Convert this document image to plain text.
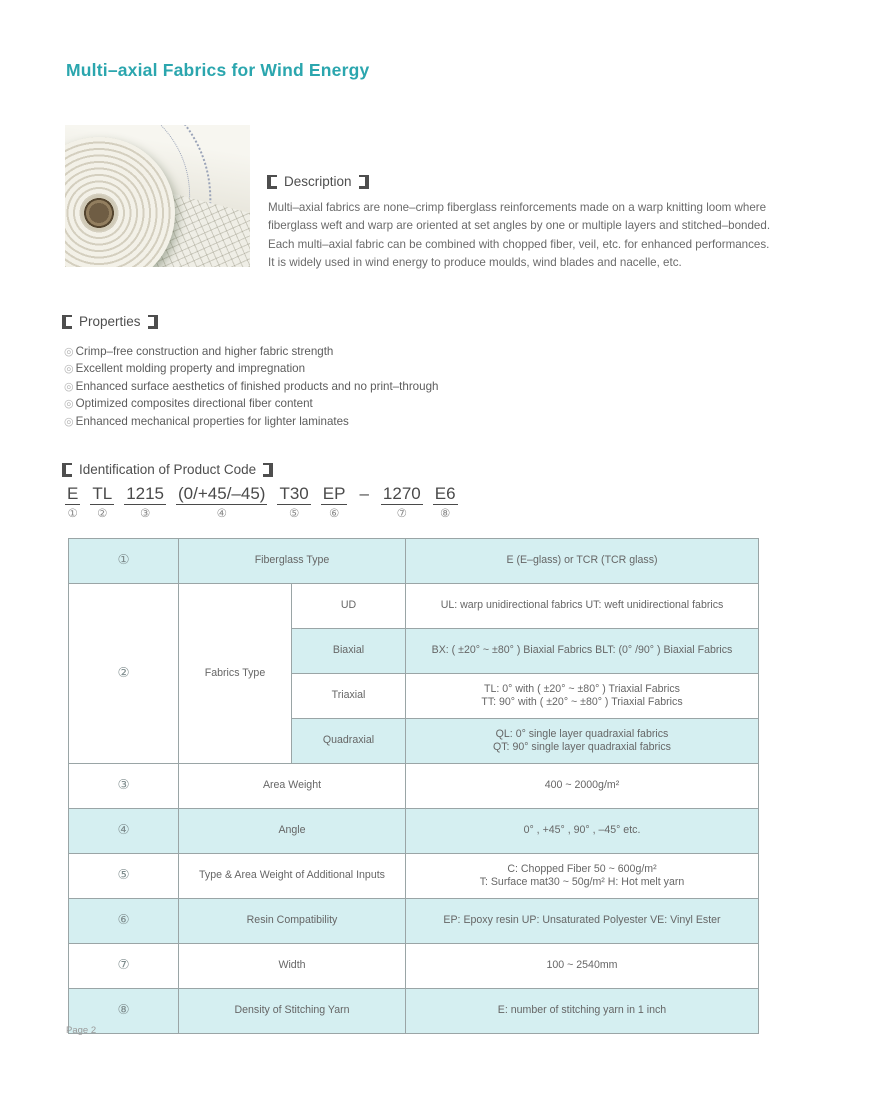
Multi–axial Fabrics for Wind Energy
Description

Multi–axial fabrics are none–crimp fiberglass reinforcements made on a warp knitting loom where fiberglass weft and warp are oriented at set angles by one or multiple layers and stitched–bonded. Each multi–axial fabric can be combined with chopped fiber, veil, etc. for enhanced performances.

It is widely used in wind energy to produce moulds, wind blades and nacelle, etc.

Properties
◎ Crimp–free construction and higher fabric strength
◎ Excellent molding property and impregnation
◎ Enhanced surface aesthetics of finished products and no print–through
◎ Optimized composites directional fiber content
◎ Enhanced mechanical properties for lighter laminates
Identification of Product Code
E
①
TL
②
1215
③
(0/+45/–45)
④
T30
⑤
EP
⑥
– 1270
⑦
E6
⑧
①	Fiberglass Type		E (E–glass) or TCR (TCR glass)
②	Fabrics Type	UD	UL: warp unidirectional fabrics UT: weft unidirectional fabrics
		Biaxial	BX: ( ±20° ~ ±80° ) Biaxial Fabrics BLT: (0° /90° ) Biaxial Fabrics
		Triaxial	TL: 0° with ( ±20° ~ ±80° ) Triaxial Fabrics
TT: 90° with ( ±20° ~ ±80° ) Triaxial Fabrics

		Quadraxial	QL: 0° single layer quadraxial fabrics
QT: 90° single layer quadraxial fabrics

③	Area Weight		400 ~ 2000g/m²
④	Angle		0° , +45° , 90° , –45° etc.
⑤	Type & Area Weight of Additional Inputs		C: Chopped Fiber 50 ~ 600g/m²
T: Surface mat30 ~ 50g/m² H: Hot melt yarn

⑥	Resin Compatibility		EP: Epoxy resin UP: Unsaturated Polyester VE: Vinyl Ester
⑦	Width		100 ~ 2540mm
⑧	Density of Stitching Yarn		E: number of stitching yarn in 1 inch
Page 2
